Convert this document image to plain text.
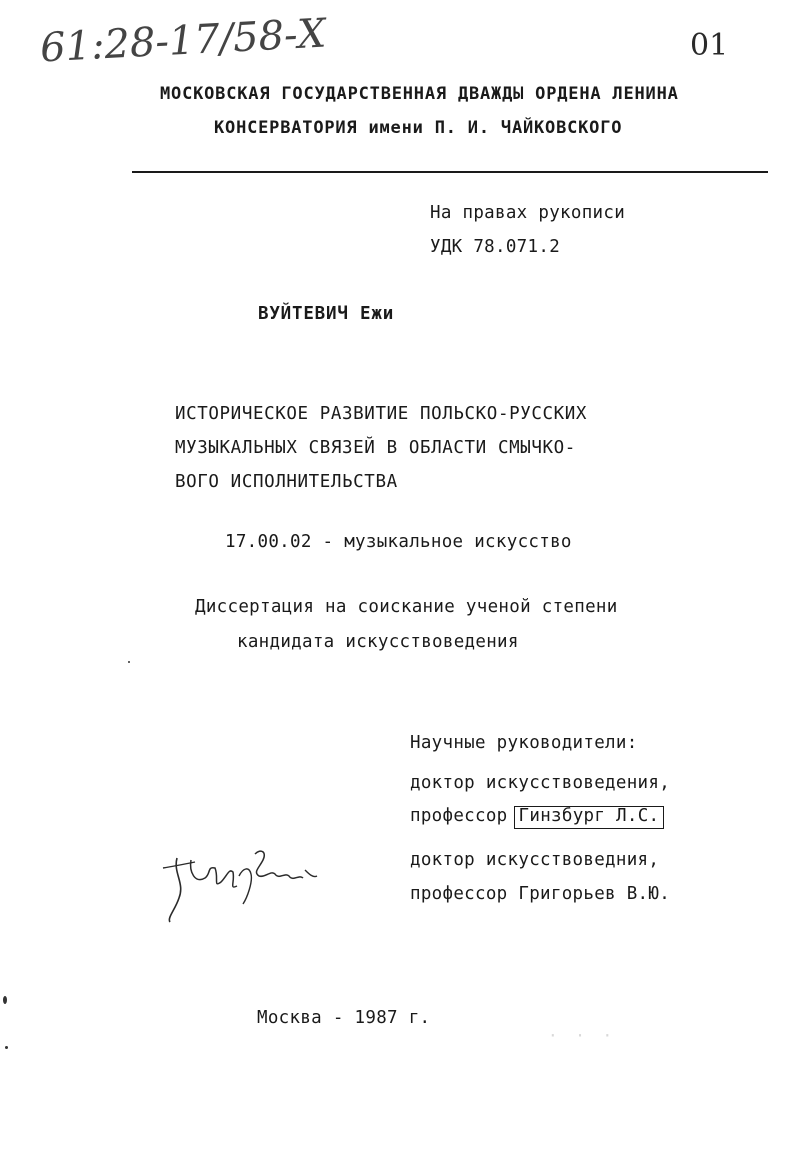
61:28-17/58-Х	01
МОСКОВСКАЯ ГОСУДАРСТВЕННАЯ ДВАЖДЫ ОРДЕНА ЛЕНИНА
КОНСЕРВАТОРИЯ имени П. И. ЧАЙКОВСКОГО
На правах рукописи
УДК 78.071.2
ВУЙТЕВИЧ Ежи
ИСТОРИЧЕСКОЕ РАЗВИТИЕ ПОЛЬСКО-РУССКИХ
МУЗЫКАЛЬНЫХ СВЯЗЕЙ В ОБЛАСТИ СМЫЧКО-
ВОГО ИСПОЛНИТЕЛЬСТВА
17.00.02 - музыкальное искусство
Диссертация на соискание ученой степени
кандидата искусствоведения
Научные руководители:
доктор искусствоведения,
профессор Гинзбург Л.С.
доктор искусствоведния,
профессор Григорьев В.Ю.
Москва - 1987 г.
· · ·
